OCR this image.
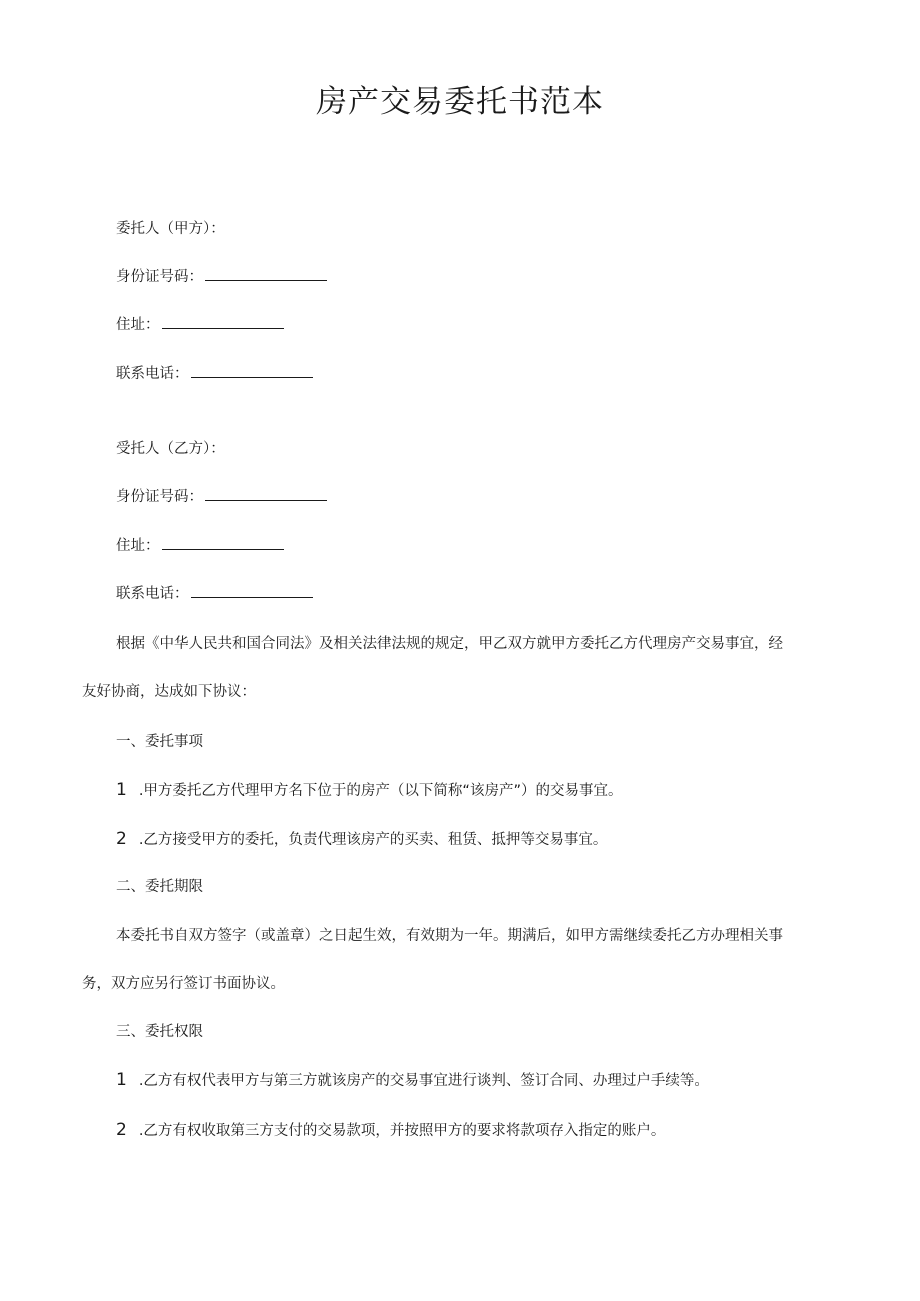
房产交易委托书范本
委托人（甲方）：
身份证号码：
住址：
联系电话：
受托人（乙方）：
身份证号码：
住址：
联系电话：
根据《中华人民共和国合同法》及相关法律法规的规定，甲乙双方就甲方委托乙方代理房产交易事宜，经
友好协商，达成如下协议：
一、委托事项
1 .甲方委托乙方代理甲方名下位于的房产（以下简称“该房产”）的交易事宜。
2 .乙方接受甲方的委托，负责代理该房产的买卖、租赁、抵押等交易事宜。
二、委托期限
本委托书自双方签字（或盖章）之日起生效，有效期为一年。期满后，如甲方需继续委托乙方办理相关事
务，双方应另行签订书面协议。
三、委托权限
1 .乙方有权代表甲方与第三方就该房产的交易事宜进行谈判、签订合同、办理过户手续等。
2 .乙方有权收取第三方支付的交易款项，并按照甲方的要求将款项存入指定的账户。
